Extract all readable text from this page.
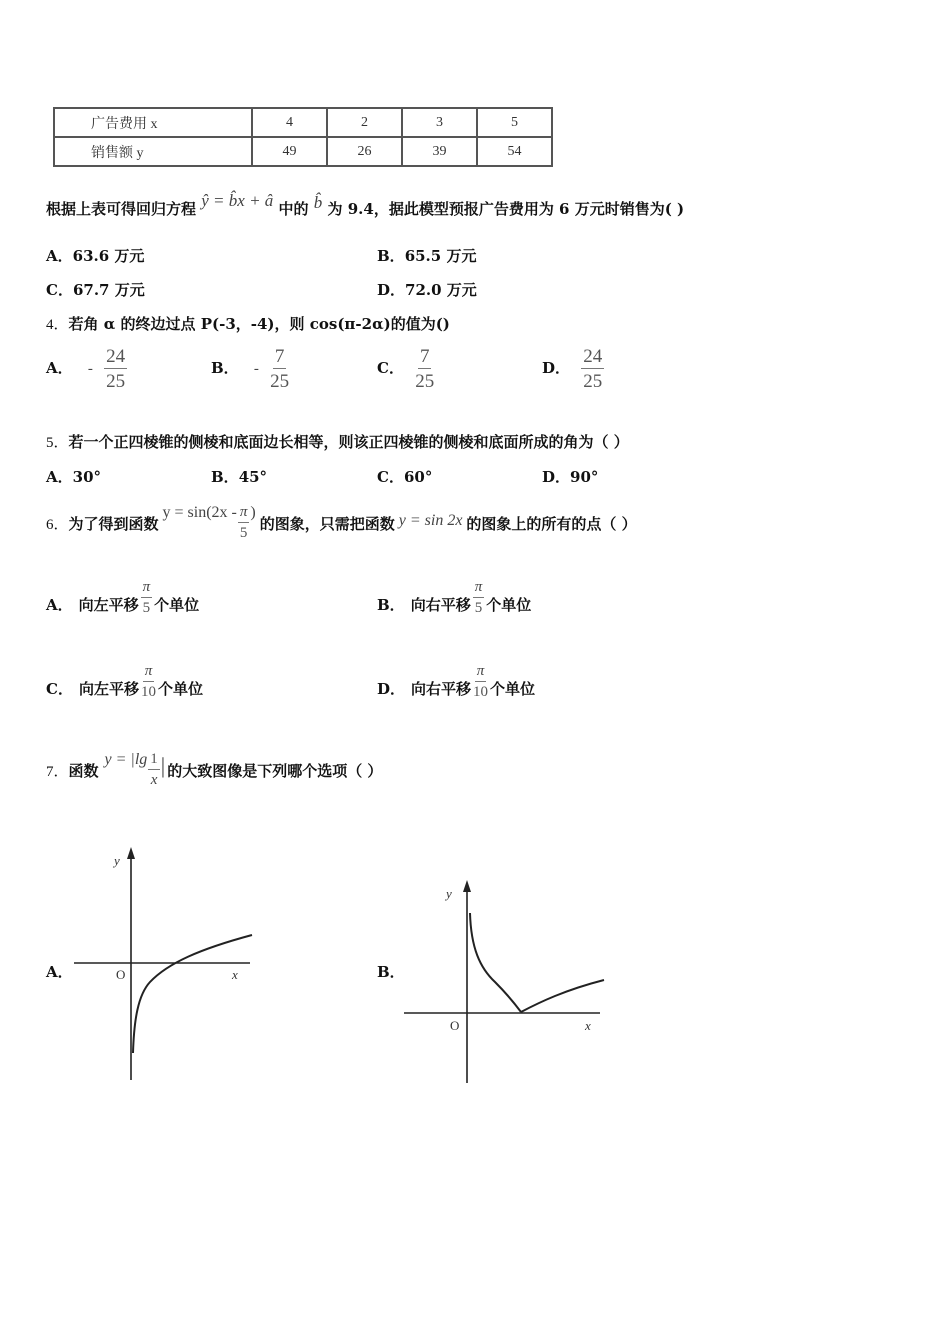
广告费用 x	4	2	3	5
销售额 y	49	26	39	54
根据上表可得回归方程 ŷ = b̂x + â 中的 b̂ 为 9.4，据此模型预报广告费用为 6 万元时销售为( )
A．63.6 万元	B．65.5 万元
C．67.7 万元	D．72.0 万元
4．若角 α 的终边过点 P(-3，-4)，则 cos(π-2α)的值为()
A． - $\frac{24}{25}$	B． - $\frac{7}{25}$	C． $\frac{7}{25}$	D． $\frac{24}{25}$
5．若一个正四棱锥的侧棱和底面边长相等，则该正四棱锥的侧棱和底面所成的角为（ ）
A．30°	B．45°	C．60°	D．90°
6． 为了得到函数
$y = \sin(2x - \frac{\pi}{5}$ )
的图象，只需把函数 y = sin 2x 的图象上的所有的点（ ）
A． 向左平移 $\frac{\pi}{5}$ 个单位	B． 向右平移 $\frac{\pi}{5}$ 个单位
C． 向左平移 $\frac{\pi}{10}$ 个单位	D． 向右平移 $\frac{\pi}{10}$ 个单位
7． 函数
$y = |\lg \frac{1}{x}$ | 的大致图像是下列哪个选项（ ）
A．
y
x
O	B．
y
x
O
